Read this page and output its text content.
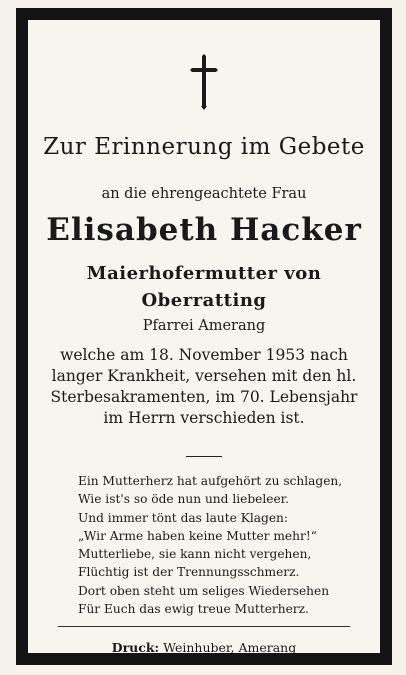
Zur Erinnerung im Gebete
an die ehrengeachtete Frau
Elisabeth Hacker
Maierhofermutter von
Oberratting
Pfarrei Amerang
welche am 18. November 1953 nach
langer Krankheit, versehen mit den hl.
Sterbesakramenten, im 70. Lebensjahr
im Herrn verschieden ist.
Ein Mutterherz hat aufgehört zu schlagen,
Wie ist's so öde nun und liebeleer.
Und immer tönt das laute Klagen:
„Wir Arme haben keine Mutter mehr!“
Mutterliebe, sie kann nicht vergehen,
Flüchtig ist der Trennungsschmerz.
Dort oben steht um seliges Wiedersehen
Für Euch das ewig treue Mutterherz.
Druck: Weinhuber, Amerang
